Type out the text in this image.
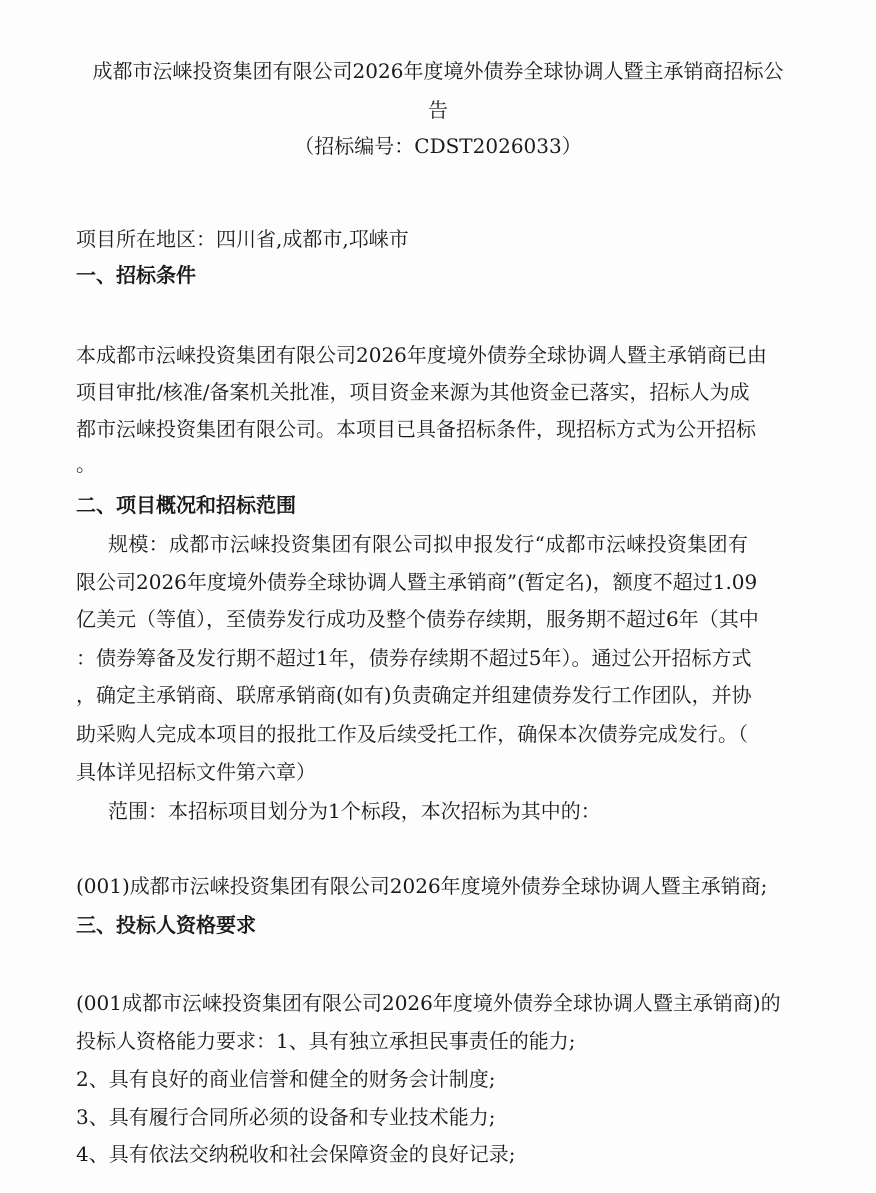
成都市沄崃投资集团有限公司2026年度境外债券全球协调人暨主承销商招标公
告
（招标编号：CDST2026033）
项目所在地区：四川省,成都市,邛崃市
一、招标条件
本成都市沄崃投资集团有限公司2026年度境外债券全球协调人暨主承销商已由
项目审批/核准/备案机关批准，项目资金来源为其他资金已落实，招标人为成
都市沄崃投资集团有限公司。本项目已具备招标条件，现招标方式为公开招标
。
二、项目概况和招标范围
规模：成都市沄崃投资集团有限公司拟申报发行“成都市沄崃投资集团有
限公司2026年度境外债券全球协调人暨主承销商”(暂定名)，额度不超过1.09
亿美元（等值），至债券发行成功及整个债券存续期，服务期不超过6年（其中
：债券筹备及发行期不超过1年，债券存续期不超过5年）。通过公开招标方式
，确定主承销商、联席承销商(如有)负责确定并组建债券发行工作团队，并协
助采购人完成本项目的报批工作及后续受托工作，确保本次债券完成发行。（
具体详见招标文件第六章）
范围：本招标项目划分为1个标段，本次招标为其中的：
(001)成都市沄崃投资集团有限公司2026年度境外债券全球协调人暨主承销商;
三、投标人资格要求
(001成都市沄崃投资集团有限公司2026年度境外债券全球协调人暨主承销商)的
投标人资格能力要求：1、具有独立承担民事责任的能力;
2、具有良好的商业信誉和健全的财务会计制度;
3、具有履行合同所必须的设备和专业技术能力;
4、具有依法交纳税收和社会保障资金的良好记录;
